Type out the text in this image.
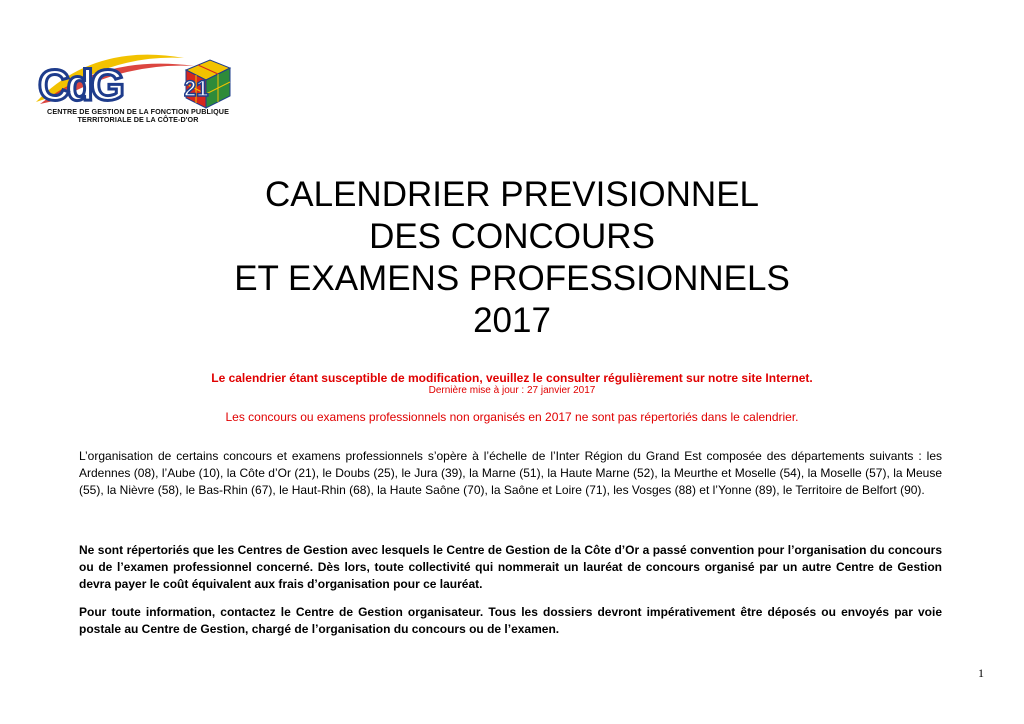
CdG	21
CENTRE DE GESTION DE LA FONCTION PUBLIQUE
TERRITORIALE DE LA CÔTE-D'OR
CALENDRIER PREVISIONNEL
DES CONCOURS
ET EXAMENS PROFESSIONNELS
2017
Le calendrier étant susceptible de modification, veuillez le consulter régulièrement sur notre site Internet.
Dernière mise à jour : 27 janvier 2017
Les concours ou examens professionnels non organisés en 2017 ne sont pas répertoriés dans le calendrier.
L’organisation de certains concours et examens professionnels s’opère à l’échelle de l’Inter Région du Grand Est composée des départements suivants : les Ardennes (08), l’Aube (10), la Côte d’Or (21), le Doubs (25), le Jura (39), la Marne (51), la Haute Marne (52), la Meurthe et Moselle (54), la Moselle (57), la Meuse (55), la Nièvre (58), le Bas-Rhin (67), le Haut-Rhin (68), la Haute Saône (70), la Saône et Loire (71), les Vosges (88) et l’Yonne (89), le Territoire de Belfort (90).
Ne sont répertoriés que les Centres de Gestion avec lesquels le Centre de Gestion de la Côte d’Or a passé convention pour l’organisation du concours ou de l’examen professionnel concerné. Dès lors, toute collectivité qui nommerait un lauréat de concours organisé par un autre Centre de Gestion devra payer le coût équivalent aux frais d’organisation pour ce lauréat.
Pour toute information, contactez le Centre de Gestion organisateur. Tous les dossiers devront impérativement être déposés ou envoyés par voie postale au Centre de Gestion, chargé de l’organisation du concours ou de l’examen.
1
